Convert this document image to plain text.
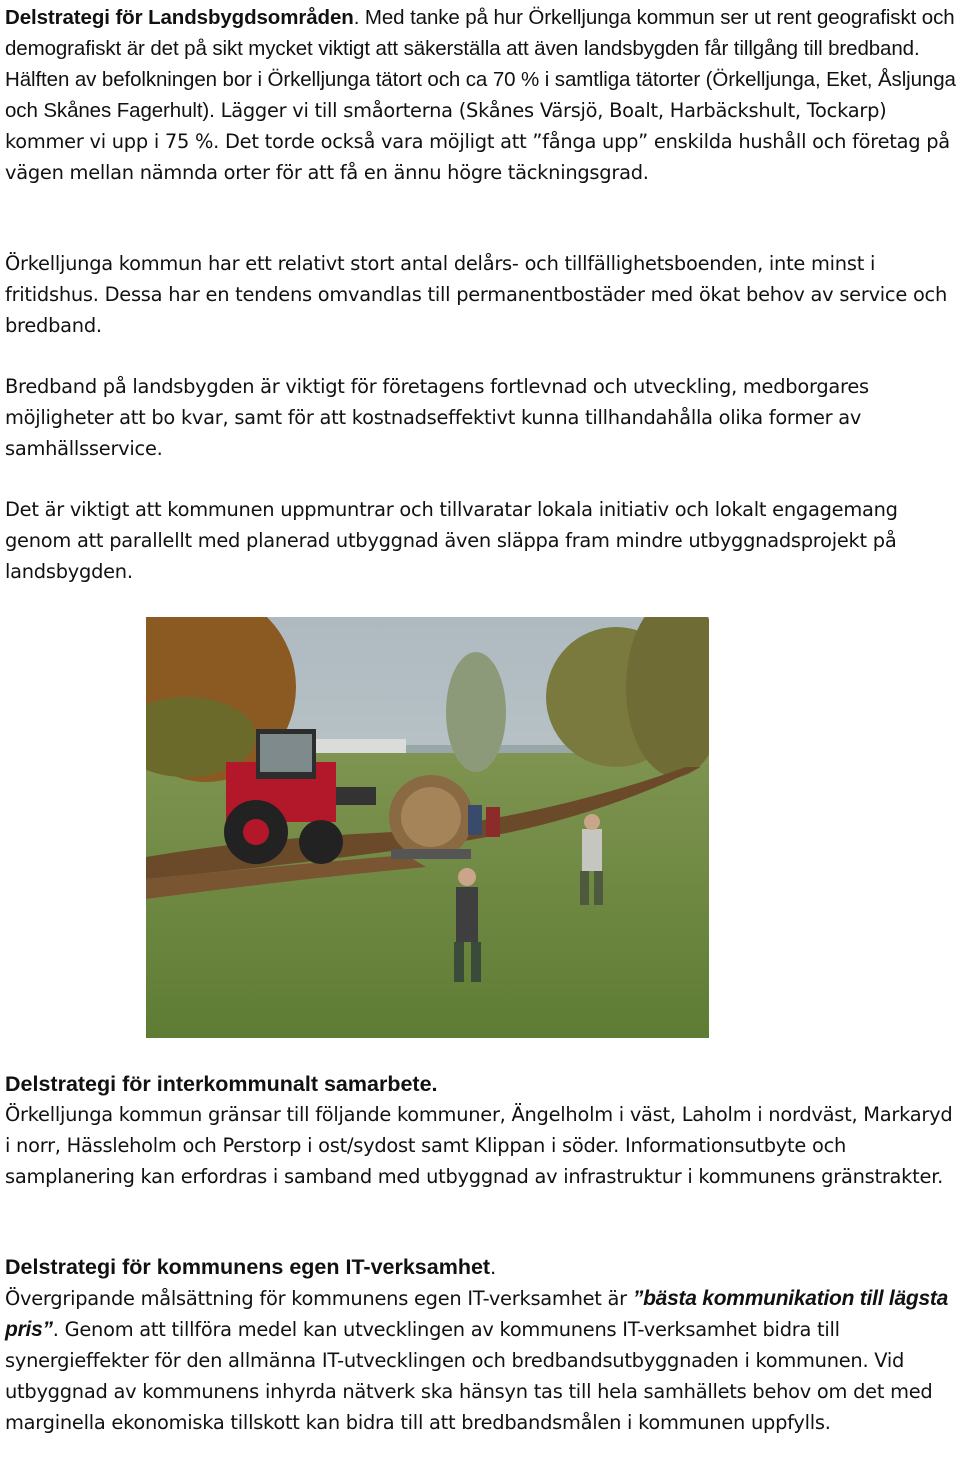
Delstrategi för Landsbygdsområden. Med tanke på hur Örkelljunga kommun ser ut rent geografiskt och demografiskt är det på sikt mycket viktigt att säkerställa att även landsbygden får tillgång till bredband. Hälften av befolkningen bor i Örkelljunga tätort och ca 70 % i samtliga tätorter (Örkelljunga, Eket, Åsljunga och Skånes Fagerhult). Lägger vi till småorterna (Skånes Värsjö, Boalt, Harbäckshult, Tockarp) kommer vi upp i 75 %. Det torde också vara möjligt att ”fånga upp” enskilda hushåll och företag på vägen mellan nämnda orter för att få en ännu högre täckningsgrad.

Örkelljunga kommun har ett relativt stort antal delårs- och tillfällighetsboenden, inte minst i fritidshus. Dessa har en tendens omvandlas till permanentbostäder med ökat behov av service och bredband.

Bredband på landsbygden är viktigt för företagens fortlevnad och utveckling, medborgares möjligheter att bo kvar, samt för att kostnadseffektivt kunna tillhandahålla olika former av samhällsservice.

Det är viktigt att kommunen uppmuntrar och tillvaratar lokala initiativ och lokalt engagemang genom att parallellt med planerad utbyggnad även släppa fram mindre utbyggnadsprojekt på landsbygden.

Delstrategi för interkommunalt samarbete.

Örkelljunga kommun gränsar till följande kommuner, Ängelholm i väst, Laholm i nordväst, Markaryd i norr, Hässleholm och Perstorp i ost/sydost samt Klippan i söder. Informationsutbyte och samplanering kan erfordras i samband med utbyggnad av infrastruktur i kommunens gränstrakter.

Delstrategi för kommunens egen IT-verksamhet.

Övergripande målsättning för kommunens egen IT-verksamhet är ”bästa kommunikation till lägsta pris”. Genom att tillföra medel kan utvecklingen av kommunens IT-verksamhet bidra till synergieffekter för den allmänna IT-utvecklingen och bredbandsutbyggnaden i kommunen. Vid utbyggnad av kommunens inhyrda nätverk ska hänsyn tas till hela samhällets behov om det med marginella ekonomiska tillskott kan bidra till att bredbandsmålen i kommunen uppfylls.
